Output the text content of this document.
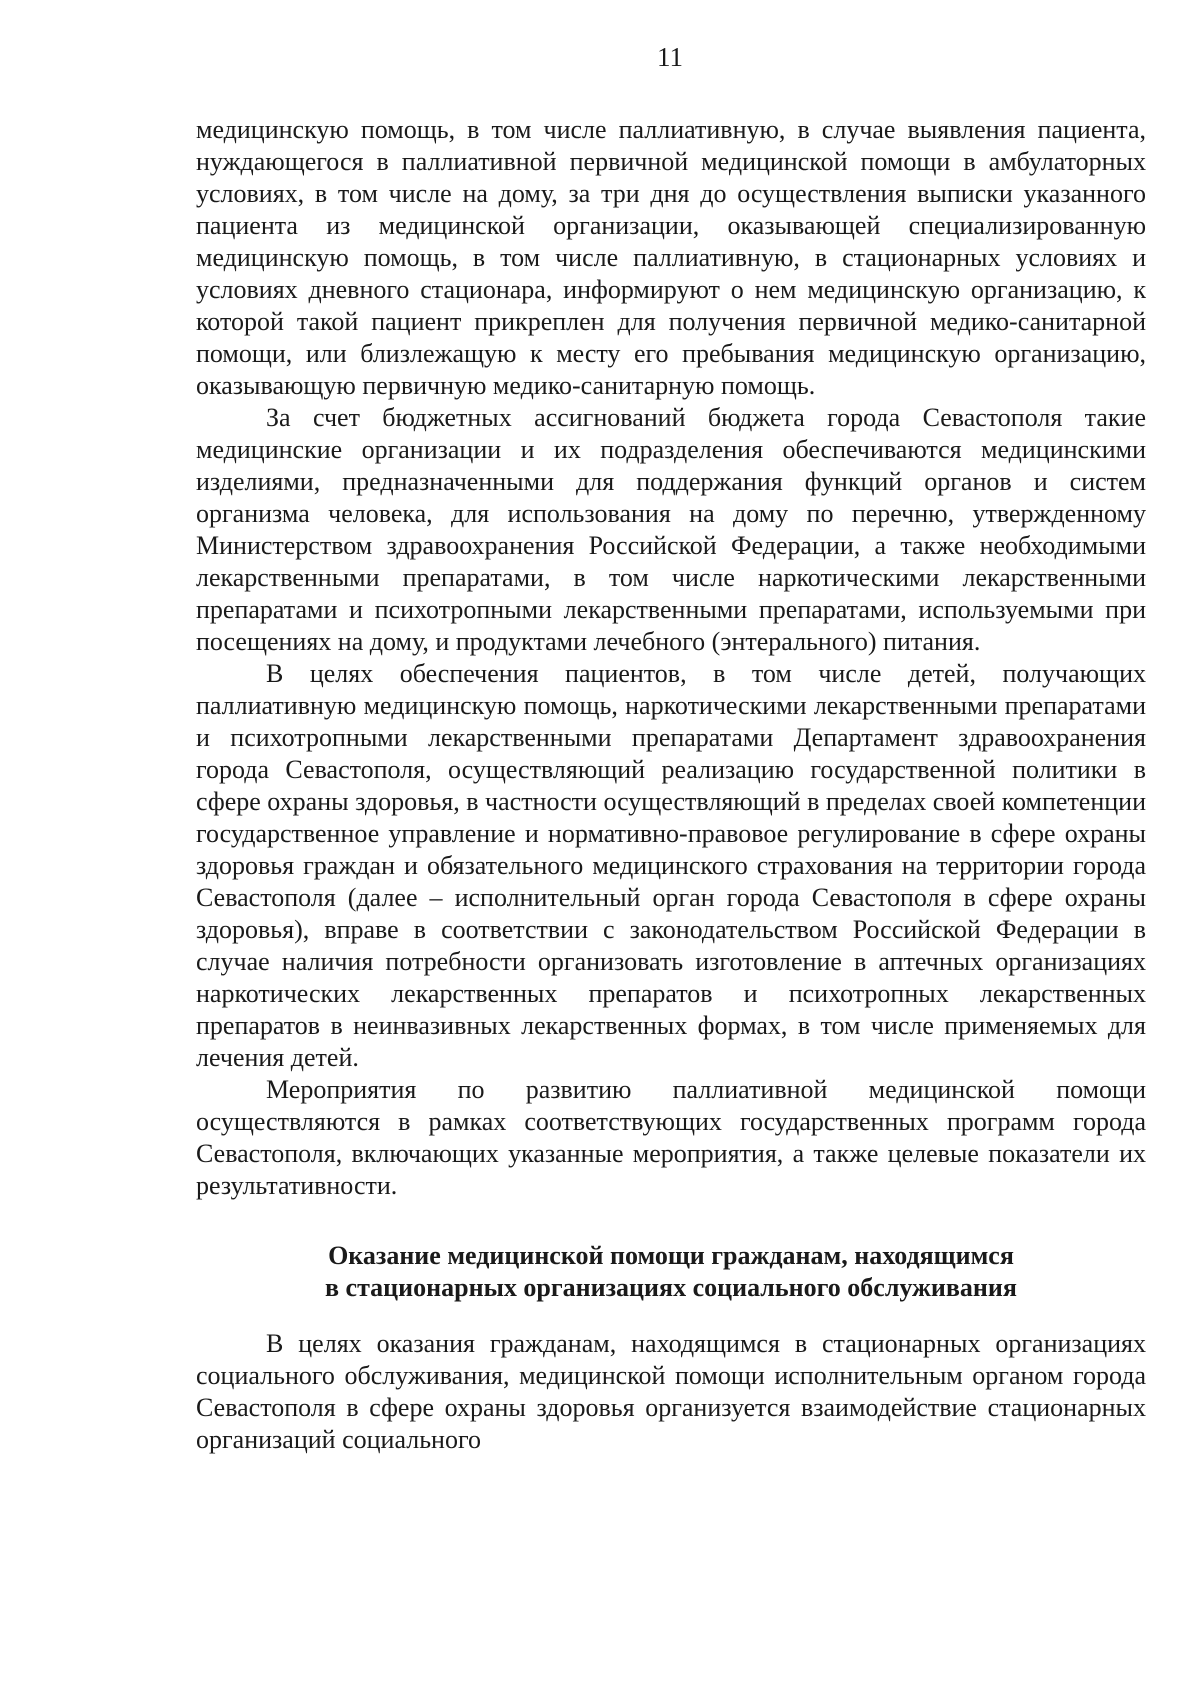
11

медицинскую помощь, в том числе паллиативную, в случае выявления пациента, нуждающегося в паллиативной первичной медицинской помощи в амбулаторных условиях, в том числе на дому, за три дня до осуществления выписки указанного пациента из медицинской организации, оказывающей специализированную медицинскую помощь, в том числе паллиативную, в стационарных условиях и условиях дневного стационара, информируют о нем медицинскую организацию, к которой такой пациент прикреплен для получения первичной медико-санитарной помощи, или близлежащую к месту его пребывания медицинскую организацию, оказывающую первичную медико-санитарную помощь.

За счет бюджетных ассигнований бюджета города Севастополя такие медицинские организации и их подразделения обеспечиваются медицинскими изделиями, предназначенными для поддержания функций органов и систем организма человека, для использования на дому по перечню, утвержденному Министерством здравоохранения Российской Федерации, а также необходимыми лекарственными препаратами, в том числе наркотическими лекарственными препаратами и психотропными лекарственными препаратами, используемыми при посещениях на дому, и продуктами лечебного (энтерального) питания.

В целях обеспечения пациентов, в том числе детей, получающих паллиативную медицинскую помощь, наркотическими лекарственными препаратами и психотропными лекарственными препаратами Департамент здравоохранения города Севастополя, осуществляющий реализацию государственной политики в сфере охраны здоровья, в частности осуществляющий в пределах своей компетенции государственное управление и нормативно-правовое регулирование в сфере охраны здоровья граждан и обязательного медицинского страхования на территории города Севастополя (далее – исполнительный орган города Севастополя в сфере охраны здоровья), вправе в соответствии с законодательством Российской Федерации в случае наличия потребности организовать изготовление в аптечных организациях наркотических лекарственных препаратов и психотропных лекарственных препаратов в неинвазивных лекарственных формах, в том числе применяемых для лечения детей.

Мероприятия по развитию паллиативной медицинской помощи осуществляются в рамках соответствующих государственных программ города Севастополя, включающих указанные мероприятия, а также целевые показатели их результативности.

Оказание медицинской помощи гражданам, находящимся
в стационарных организациях социального обслуживания

В целях оказания гражданам, находящимся в стационарных организациях социального обслуживания, медицинской помощи исполнительным органом города Севастополя в сфере охраны здоровья организуется взаимодействие стационарных организаций социального
